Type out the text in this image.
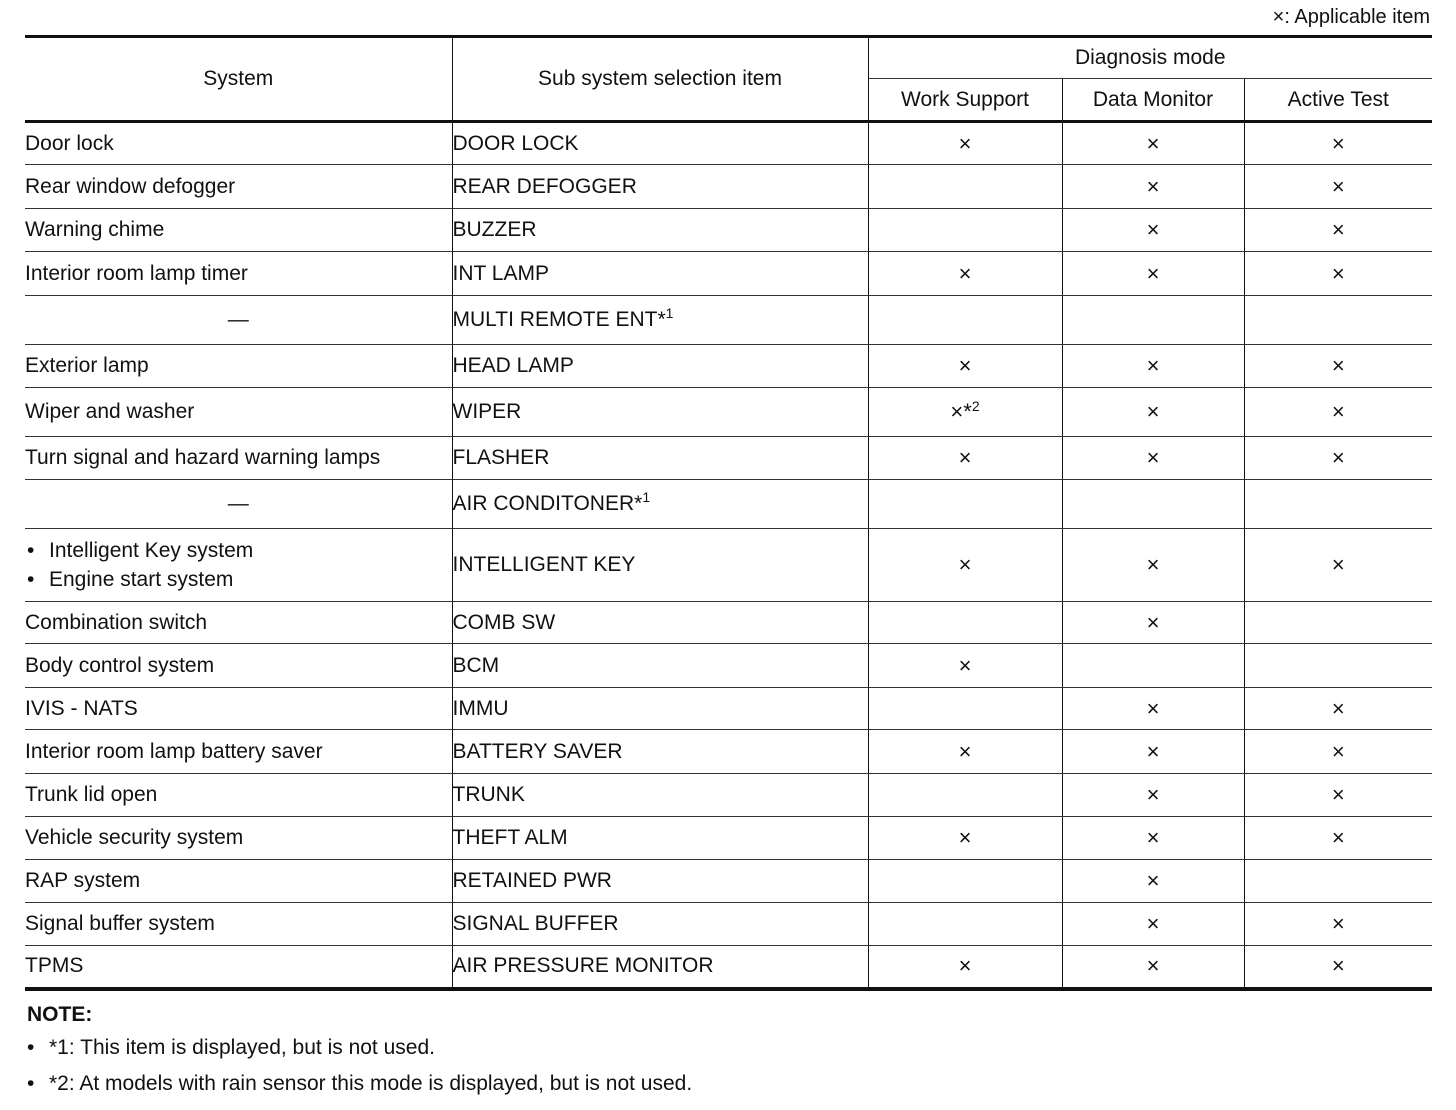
×: Applicable item
System	Sub system selection item	Diagnosis mode		
		Work Support	Data Monitor	Active Test
Door lock	DOOR LOCK	×	×	×
Rear window defogger	REAR DEFOGGER		×	×
Warning chime	BUZZER		×	×
Interior room lamp timer	INT LAMP	×	×	×
—	MULTI REMOTE ENT*$^1$			
Exterior lamp	HEAD LAMP	×	×	×
Wiper and washer	WIPER	×*$^2$	×	×
Turn signal and hazard warning lamps	FLASHER	×	×	×
—	AIR CONDITONER*$^1$			

• Intelligent Key system
• Engine start system	INTELLIGENT KEY	×	×	×
Combination switch	COMB SW		×	
Body control system	BCM	×		
IVIS - NATS	IMMU		×	×
Interior room lamp battery saver	BATTERY SAVER	×	×	×
Trunk lid open	TRUNK		×	×
Vehicle security system	THEFT ALM	×	×	×
RAP system	RETAINED PWR		×	
Signal buffer system	SIGNAL BUFFER		×	×
TPMS	AIR PRESSURE MONITOR	×	×	×
NOTE:
• *1: This item is displayed, but is not used.
• *2: At models with rain sensor this mode is displayed, but is not used.
